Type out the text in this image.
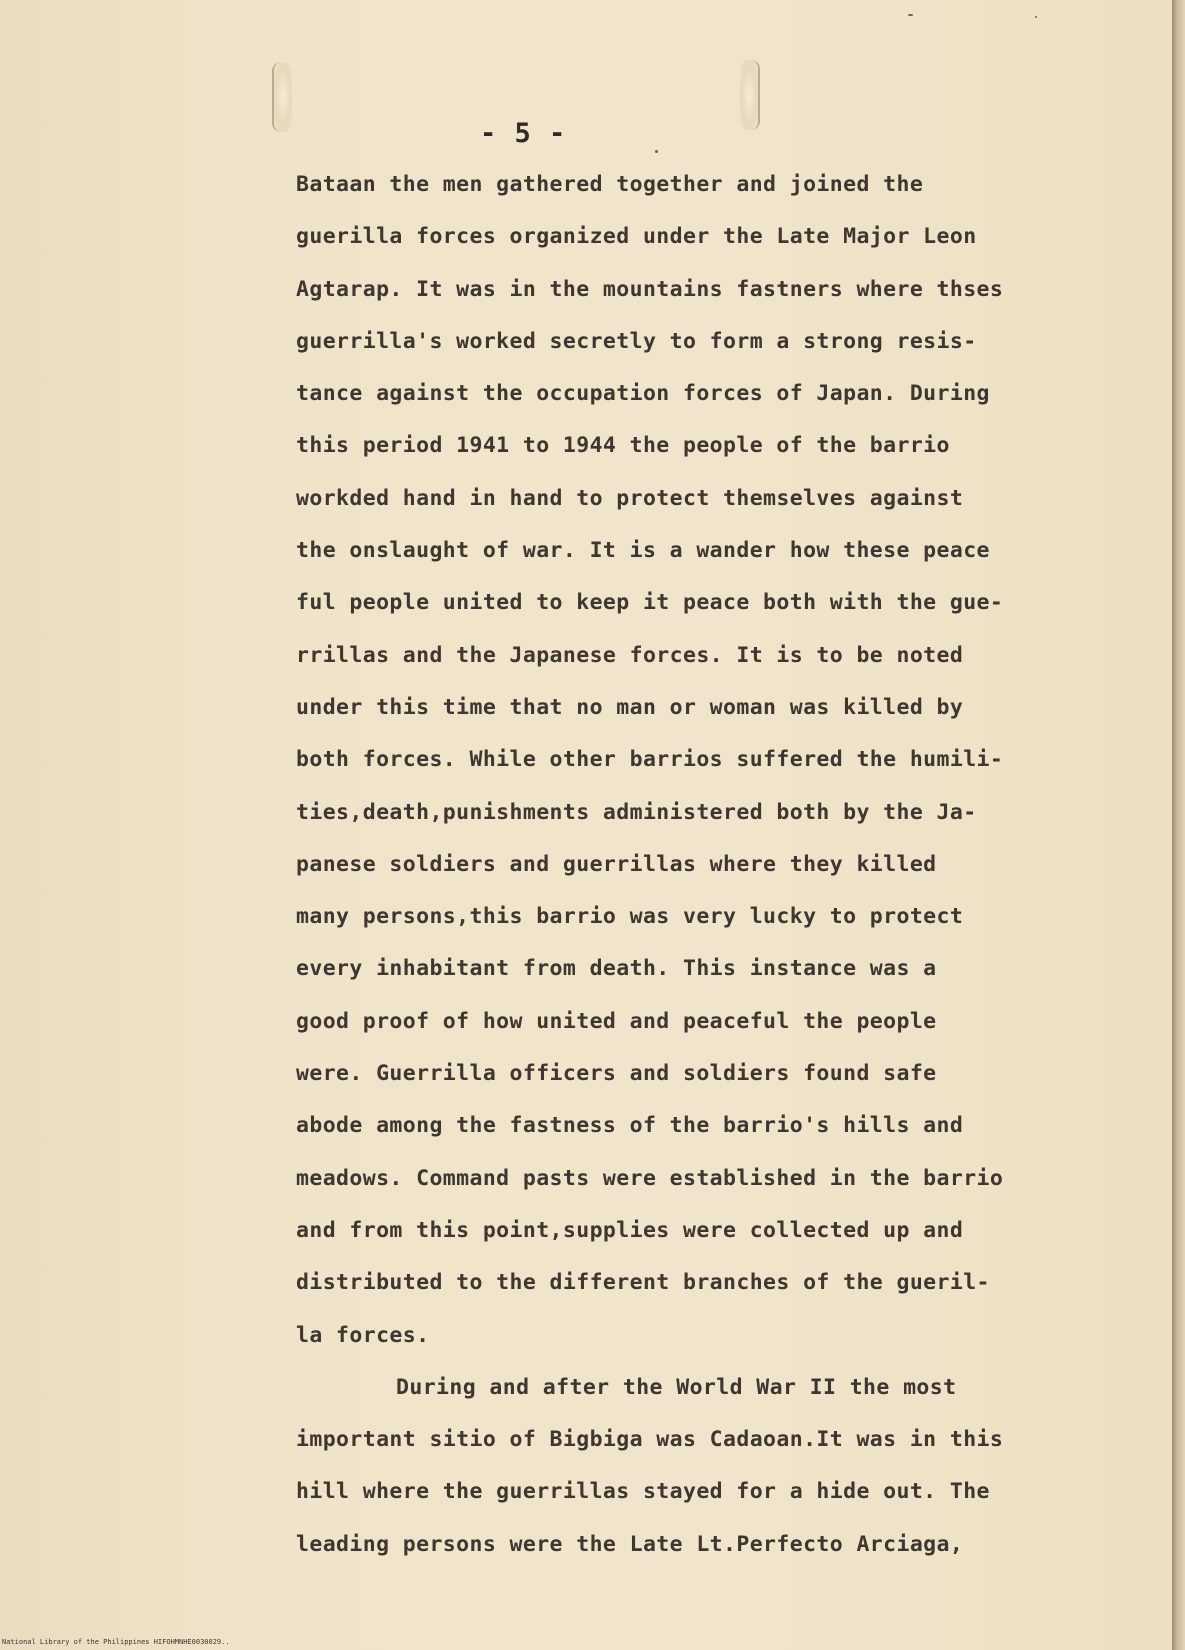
- 5 -
Bataan the men gathered together and joined the
guerilla forces organized under the Late Major Leon
Agtarap. It was in the mountains fastners where thses
guerrilla's worked secretly to form a strong resis-
tance against the occupation forces of Japan. During
this period 1941 to 1944 the people of the barrio
workded hand in hand to protect themselves against
the onslaught of war. It is a wander how these peace
ful people united to keep it peace both with the gue-
rrillas and the Japanese forces. It is to be noted
under this time that no man or woman was killed by
both forces. While other barrios suffered the humili-
ties,death,punishments administered both by the Ja-
panese soldiers and guerrillas where they killed
many persons,this barrio was very lucky to protect
every inhabitant from death. This instance was a
good proof of how united and peaceful the people
were. Guerrilla officers and soldiers found safe
abode among the fastness of the barrio's hills and
meadows. Command pasts were established in the barrio
and from this point,supplies were collected up and
distributed to the different branches of the gueril-
la forces.
During and after the World War II the most
important sitio of Bigbiga was Cadaoan.It was in this
hill where the guerrillas stayed for a hide out. The
leading persons were the Late Lt.Perfecto Arciaga,
National Library of the Philippines HIFOHMNHE0030029..
